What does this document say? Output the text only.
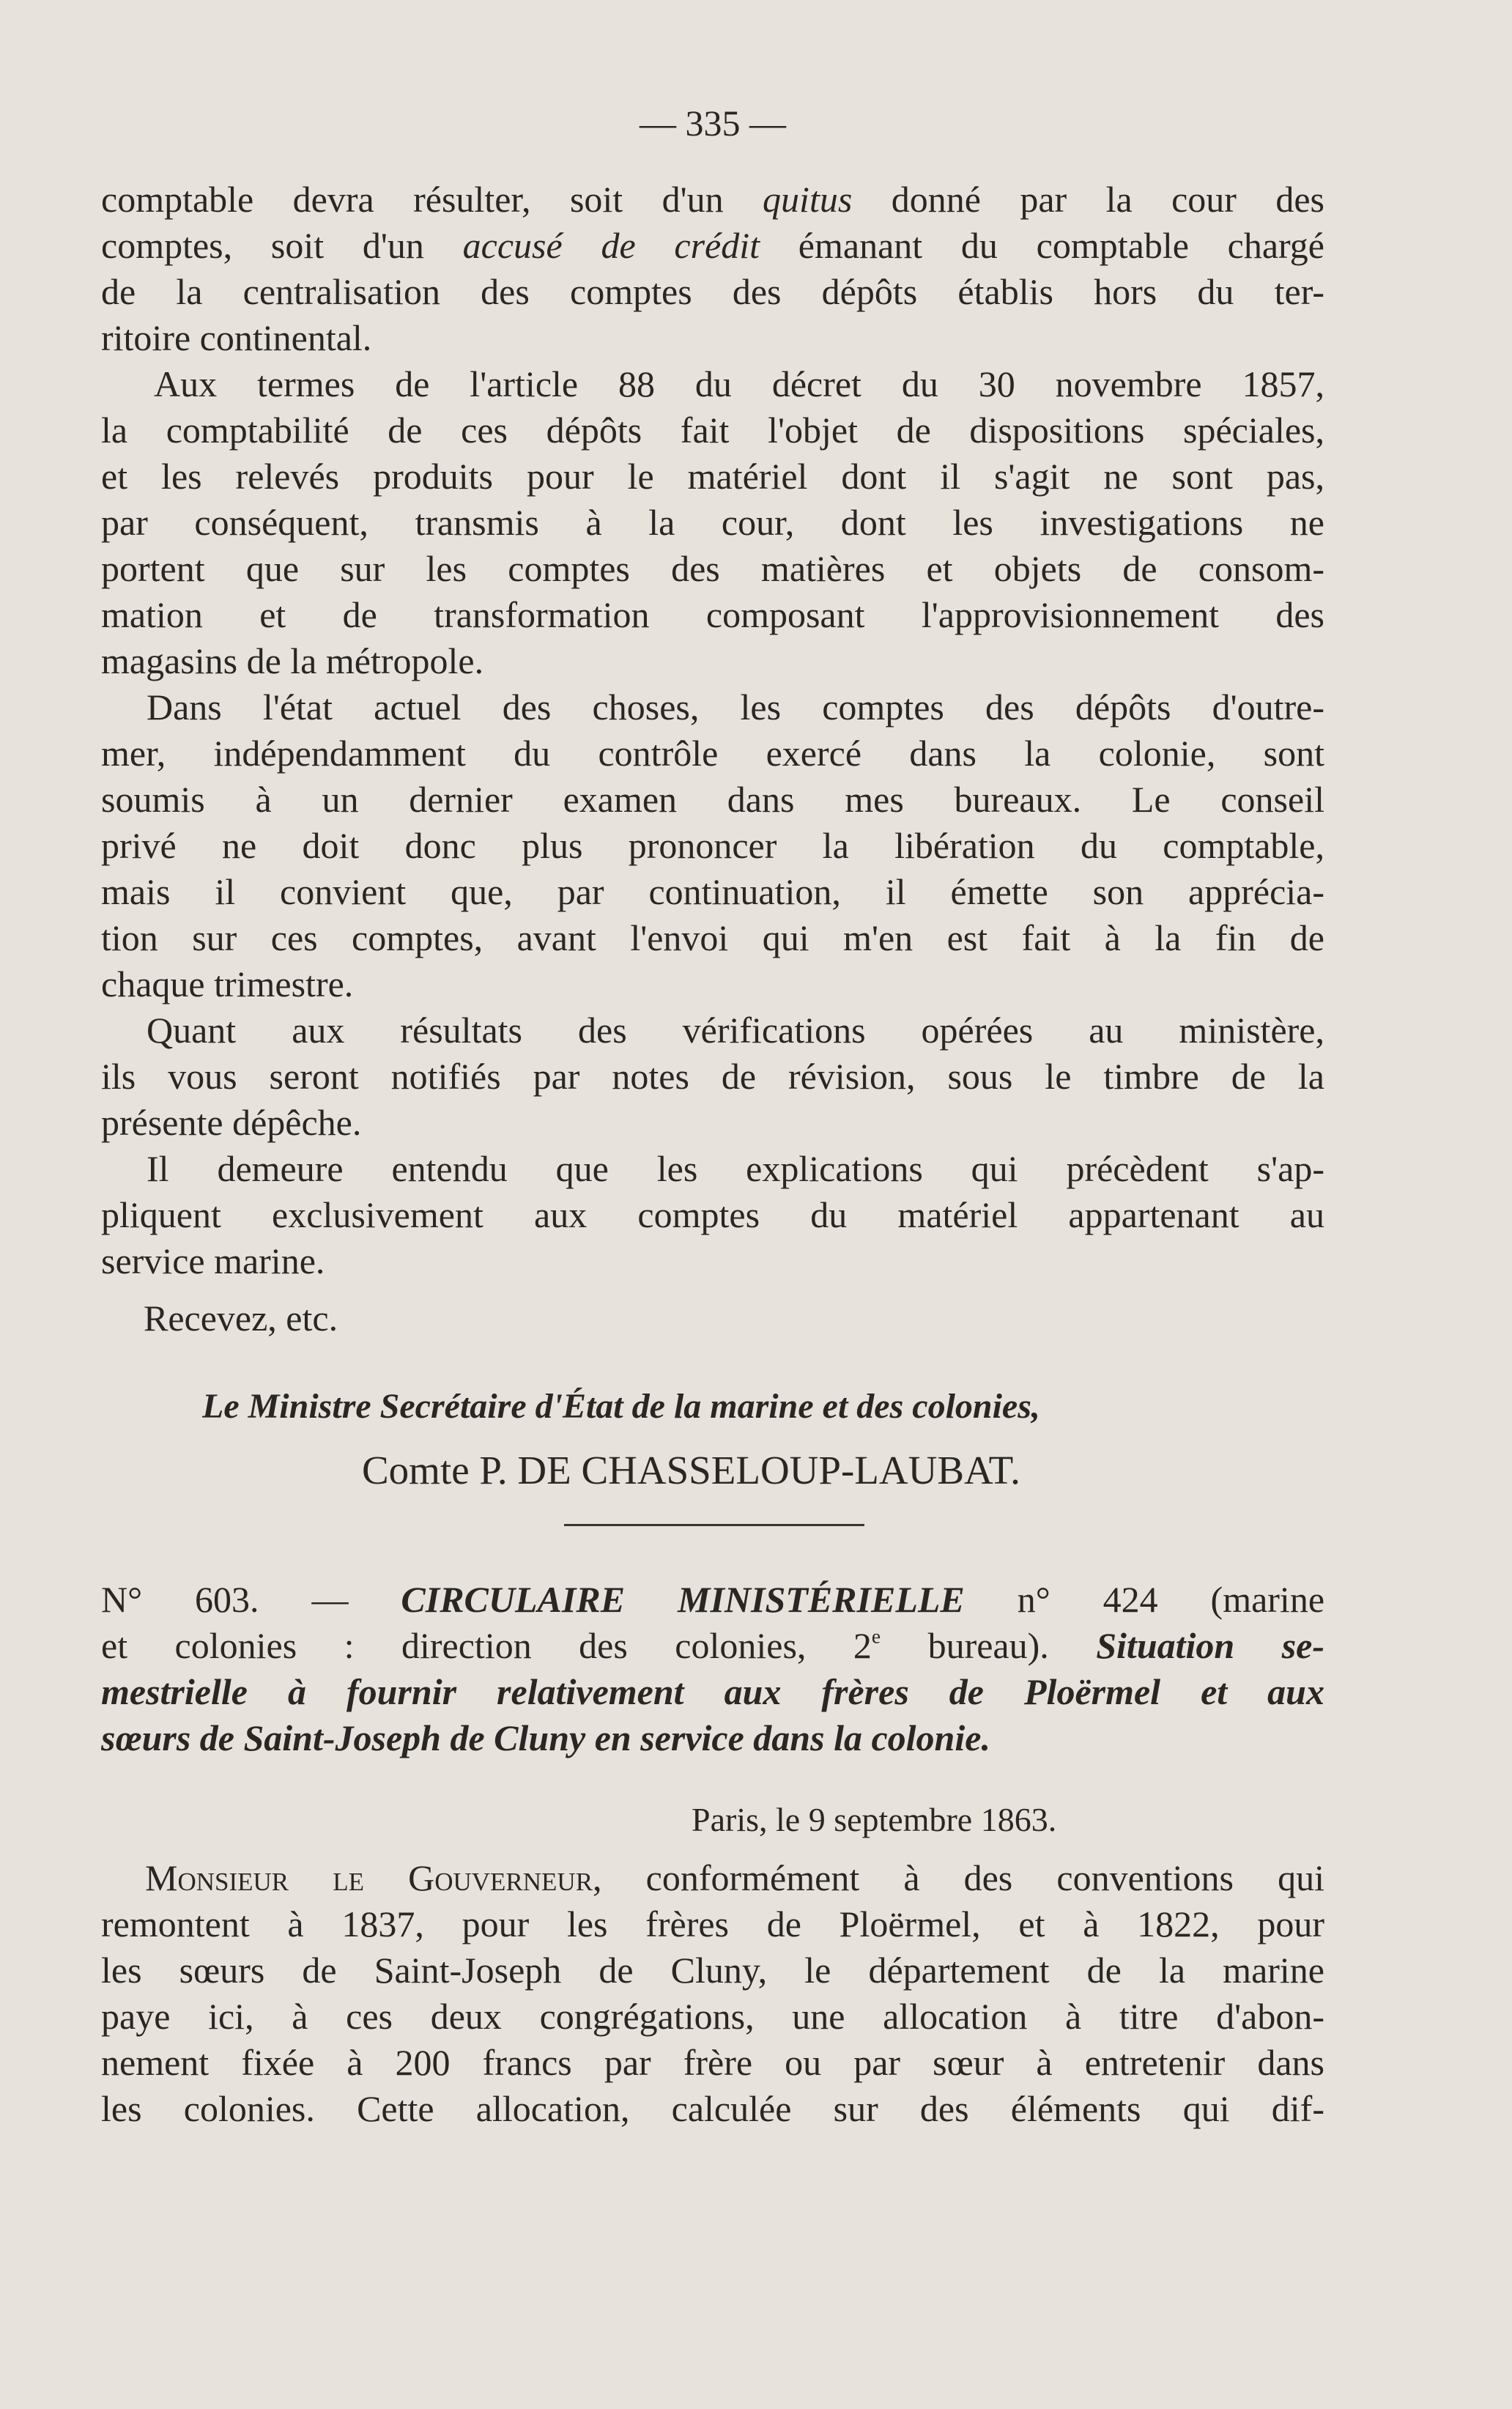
— 335 —
comptable devra résulter, soit d'un quitus donné par la cour des
comptes, soit d'un accusé de crédit émanant du comptable chargé
de la centralisation des comptes des dépôts établis hors du ter-
ritoire continental.
Aux termes de l'article 88 du décret du 30 novembre 1857,
la comptabilité de ces dépôts fait l'objet de dispositions spéciales,
et les relevés produits pour le matériel dont il s'agit ne sont pas,
par conséquent, transmis à la cour, dont les investigations ne
portent que sur les comptes des matières et objets de consom-
mation et de transformation composant l'approvisionnement des
magasins de la métropole.
Dans l'état actuel des choses, les comptes des dépôts d'outre-
mer, indépendamment du contrôle exercé dans la colonie, sont
soumis à un dernier examen dans mes bureaux. Le conseil
privé ne doit donc plus prononcer la libération du comptable,
mais il convient que, par continuation, il émette son apprécia-
tion sur ces comptes, avant l'envoi qui m'en est fait à la fin de
chaque trimestre.
Quant aux résultats des vérifications opérées au ministère,
ils vous seront notifiés par notes de révision, sous le timbre de la
présente dépêche.
Il demeure entendu que les explications qui précèdent s'ap-
pliquent exclusivement aux comptes du matériel appartenant au
service marine.
Recevez, etc.
Le Ministre Secrétaire d'État de la marine et des colonies,
Comte P. DE CHASSELOUP-LAUBAT.
N° 603. — CIRCULAIRE MINISTÉRIELLE n° 424 (marine
et colonies : direction des colonies, 2e bureau). Situation se-
mestrielle à fournir relativement aux frères de Ploërmel et aux
sœurs de Saint-Joseph de Cluny en service dans la colonie.
Paris, le 9 septembre 1863.
Monsieur le Gouverneur, conformément à des conventions qui
remontent à 1837, pour les frères de Ploërmel, et à 1822, pour
les sœurs de Saint-Joseph de Cluny, le département de la marine
paye ici, à ces deux congrégations, une allocation à titre d'abon-
nement fixée à 200 francs par frère ou par sœur à entretenir dans
les colonies. Cette allocation, calculée sur des éléments qui dif-
